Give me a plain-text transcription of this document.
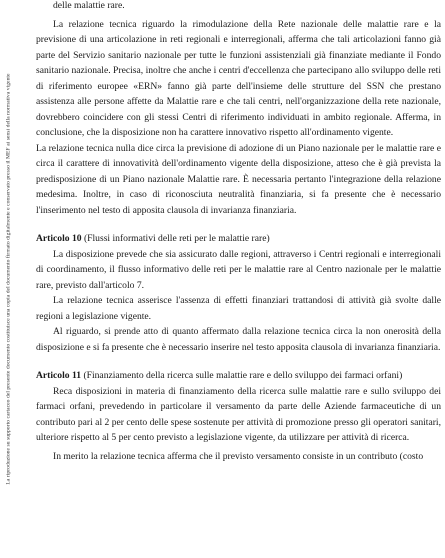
La riproduzione su supporto cartaceo del presente documento costituisce una copia del documento firmato digitalmente e conservato presso il MEF ai sensi della normativa vigente

delle malattie rare.

La relazione tecnica riguardo la rimodulazione della Rete nazionale delle malattie rare e la previsione di una articolazione in reti regionali e interregionali, afferma che tali articolazioni fanno già parte del Servizio sanitario nazionale per tutte le funzioni assistenziali già finanziate mediante il Fondo sanitario nazionale. Precisa, inoltre che anche i centri d'eccellenza che partecipano allo sviluppo delle reti di riferimento europee «ERN» fanno già parte dell'insieme delle strutture del SSN che prestano assistenza alle persone affette da Malattie rare e che tali centri, nell'organizzazione della rete nazionale, dovrebbero coincidere con gli stessi Centri di riferimento individuati in ambito regionale. Afferma, in conclusione, che la disposizione non ha carattere innovativo rispetto all'ordinamento vigente.

La relazione tecnica nulla dice circa la previsione di adozione di un Piano nazionale per le malattie rare e circa il carattere di innovatività dell'ordinamento vigente della disposizione, atteso che è già prevista la predisposizione di un Piano nazionale Malattie rare. È necessaria pertanto l'integrazione della relazione medesima. Inoltre, in caso di riconosciuta neutralità finanziaria, si fa presente che è necessario l'inserimento nel testo di apposita clausola di invarianza finanziaria.

Articolo 10 (Flussi informativi delle reti per le malattie rare)

La disposizione prevede che sia assicurato dalle regioni, attraverso i Centri regionali e interregionali di coordinamento, il flusso informativo delle reti per le malattie rare al Centro nazionale per le malattie rare, previsto dall'articolo 7.

La relazione tecnica asserisce l'assenza di effetti finanziari trattandosi di attività già svolte dalle regioni a legislazione vigente.

Al riguardo, si prende atto di quanto affermato dalla relazione tecnica circa la non onerosità della disposizione e si fa presente che è necessario inserire nel testo apposita clausola di invarianza finanziaria.

Articolo 11 (Finanziamento della ricerca sulle malattie rare e dello sviluppo dei farmaci orfani)

Reca disposizioni in materia di finanziamento della ricerca sulle malattie rare e sullo sviluppo dei farmaci orfani, prevedendo in particolare il versamento da parte delle Aziende farmaceutiche di un contributo pari al 2 per cento delle spese sostenute per attività di promozione presso gli operatori sanitari, ulteriore rispetto al 5 per cento previsto a legislazione vigente, da utilizzare per attività di ricerca.

In merito la relazione tecnica afferma che il previsto versamento consiste in un contributo (costo
